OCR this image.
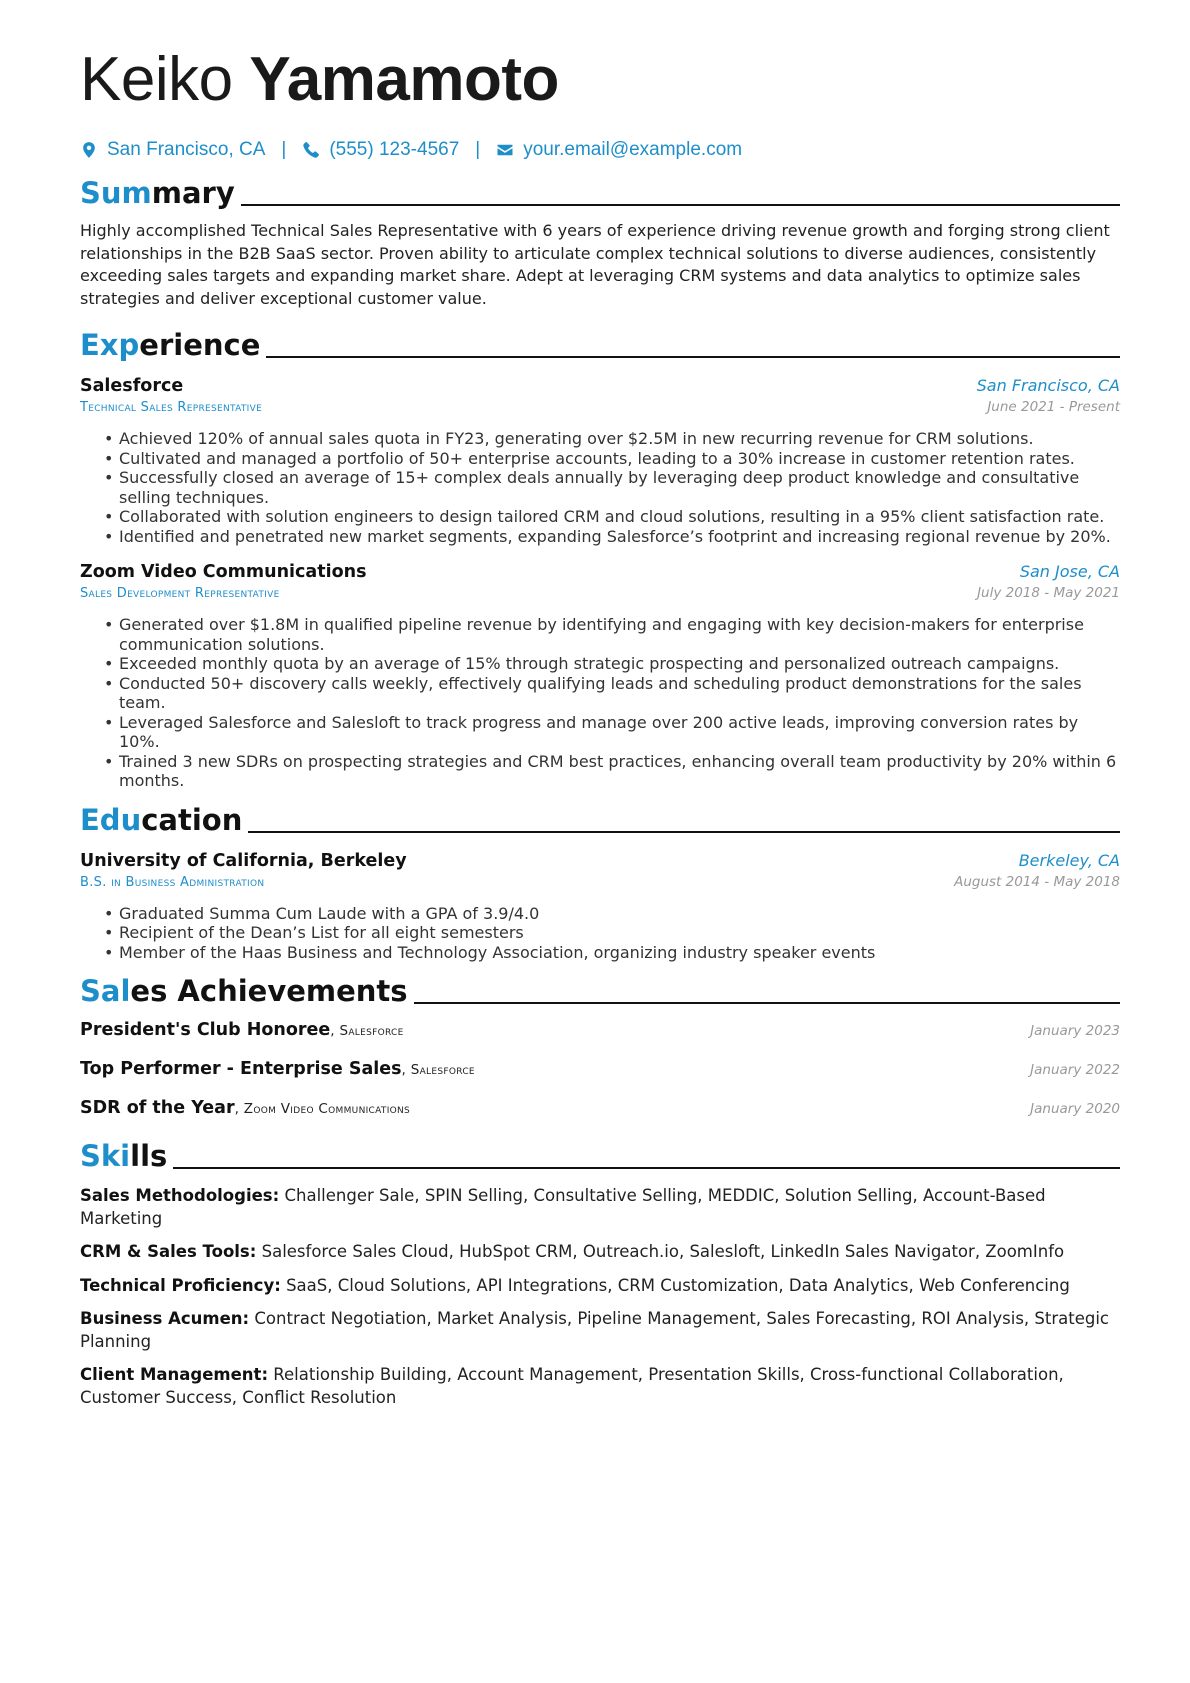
Keiko Yamamoto
San Francisco, CA | (555) 123-4567 | your.email@example.com
Summary

Highly accomplished Technical Sales Representative with 6 years of experience driving revenue growth and forging strong client relationships in the B2B SaaS sector. Proven ability to articulate complex technical solutions to diverse audiences, consistently exceeding sales targets and expanding market share. Adept at leveraging CRM systems and data analytics to optimize sales strategies and deliver exceptional customer value.

Experience
Salesforce	San Francisco, CA
Technical Sales Representative	June 2021 - Present
• Achieved 120% of annual sales quota in FY23, generating over $2.5M in new recurring revenue for CRM solutions.
• Cultivated and managed a portfolio of 50+ enterprise accounts, leading to a 30% increase in customer retention rates.
• Successfully closed an average of 15+ complex deals annually by leveraging deep product knowledge and consultative selling techniques.
• Collaborated with solution engineers to design tailored CRM and cloud solutions, resulting in a 95% client satisfaction rate.
• Identified and penetrated new market segments, expanding Salesforce’s footprint and increasing regional revenue by 20%.
Zoom Video Communications	San Jose, CA
Sales Development Representative	July 2018 - May 2021
• Generated over $1.8M in qualified pipeline revenue by identifying and engaging with key decision-makers for enterprise communication solutions.
• Exceeded monthly quota by an average of 15% through strategic prospecting and personalized outreach campaigns.
• Conducted 50+ discovery calls weekly, effectively qualifying leads and scheduling product demonstrations for the sales team.
• Leveraged Salesforce and Salesloft to track progress and manage over 200 active leads, improving conversion rates by 10%.
• Trained 3 new SDRs on prospecting strategies and CRM best practices, enhancing overall team productivity by 20% within 6 months.
Education
University of California, Berkeley	Berkeley, CA
B.S. in Business Administration	August 2014 - May 2018
• Graduated Summa Cum Laude with a GPA of 3.9/4.0
• Recipient of the Dean’s List for all eight semesters
• Member of the Haas Business and Technology Association, organizing industry speaker events
Sales Achievements
President's Club Honoree, Salesforce	January 2023
Top Performer - Enterprise Sales, Salesforce	January 2022
SDR of the Year, Zoom Video Communications	January 2020
Skills

Sales Methodologies: Challenger Sale, SPIN Selling, Consultative Selling, MEDDIC, Solution Selling, Account-Based Marketing

CRM & Sales Tools: Salesforce Sales Cloud, HubSpot CRM, Outreach.io, Salesloft, LinkedIn Sales Navigator, ZoomInfo

Technical Proficiency: SaaS, Cloud Solutions, API Integrations, CRM Customization, Data Analytics, Web Conferencing

Business Acumen: Contract Negotiation, Market Analysis, Pipeline Management, Sales Forecasting, ROI Analysis, Strategic Planning

Client Management: Relationship Building, Account Management, Presentation Skills, Cross-functional Collaboration, Customer Success, Conflict Resolution
